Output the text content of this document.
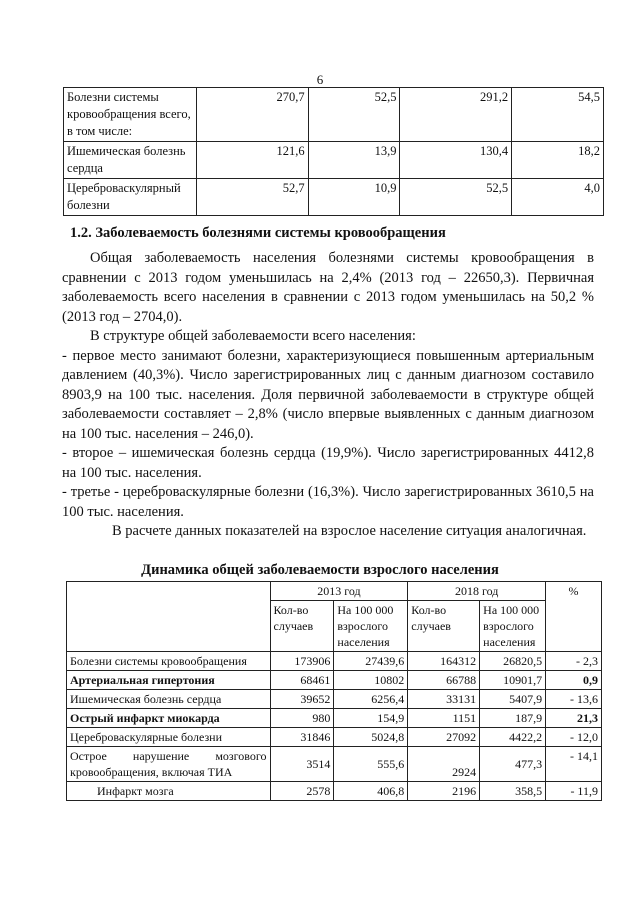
6
Болезни системы кровообращения всего, в том числе:	270,7	52,5	291,2	54,5
Ишемическая болезнь сердца	121,6	13,9	130,4	18,2
Цереброваскулярный болезни	52,7	10,9	52,5	4,0
1.2. Заболеваемость болезнями системы кровообращения

Общая заболеваемость населения болезнями системы кровообращения в сравнении с 2013 годом уменьшилась на 2,4% (2013 год – 22650,3). Первичная заболеваемость всего населения в сравнении с 2013 годом уменьшилась на 50,2 % (2013 год – 2704,0).

В структуре общей заболеваемости всего населения:

- первое место занимают болезни, характеризующиеся повышенным артериальным давлением (40,3%). Число зарегистрированных лиц с данным диагнозом составило 8903,9 на 100 тыс. населения. Доля первичной заболеваемости в структуре общей заболеваемости составляет – 2,8% (число впервые выявленных с данным диагнозом на 100 тыс. населения – 246,0).

- второе – ишемическая болезнь сердца (19,9%). Число зарегистрированных 4412,8 на 100 тыс. населения.

- третье - цереброваскулярные болезни (16,3%). Число зарегистрированных 3610,5 на 100 тыс. населения.

В расчете данных показателей на взрослое население ситуация аналогичная.

Динамика общей заболеваемости взрослого населения
	2013 год		2018 год		%
	Кол-во случаев	На 100 000 взрослого населения	Кол-во случаев	На 100 000 взрослого населения	
Болезни системы кровообращения	173906	27439,6	164312	26820,5	- 2,3
Артериальная гипертония	68461	10802	66788	10901,7	0,9
Ишемическая болезнь сердца	39652	6256,4	33131	5407,9	- 13,6
Острый инфаркт миокарда	980	154,9	1151	187,9	21,3
Цереброваскулярные болезни	31846	5024,8	27092	4422,2	- 12,0
Острое нарушение мозгового кровообращения, включая ТИА	3514	555,6	2924	477,3	- 14,1
Инфаркт мозга	2578	406,8	2196	358,5	- 11,9
